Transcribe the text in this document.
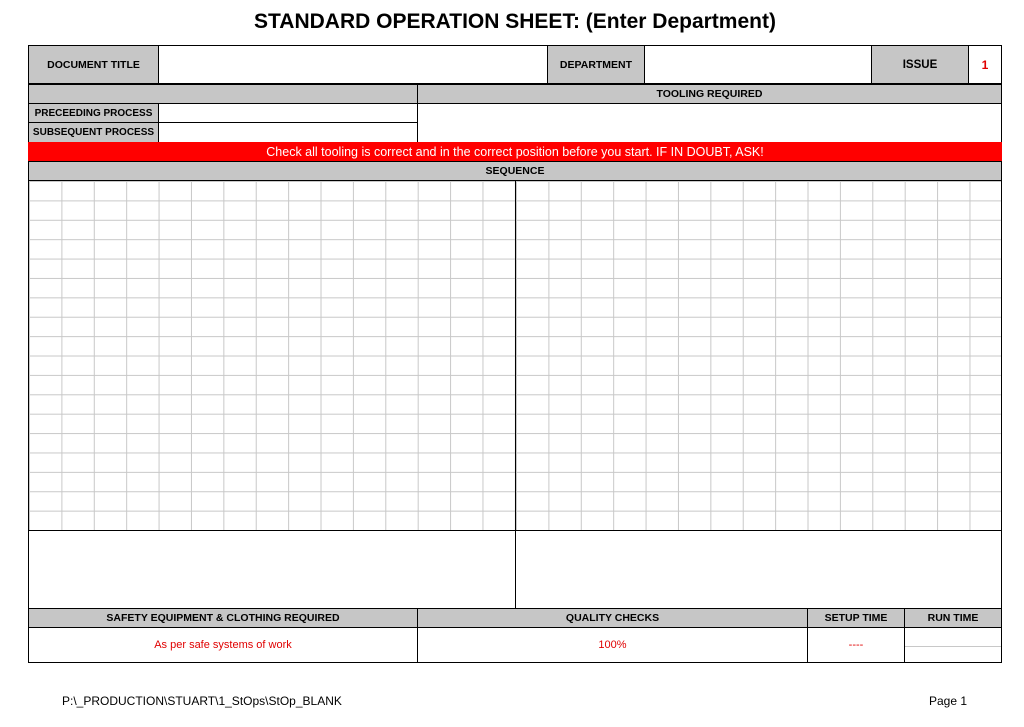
STANDARD OPERATION SHEET: (Enter Department)
DOCUMENT TITLE	DEPARTMENT	ISSUE	1
TOOLING REQUIRED
PRECEEDING PROCESS
SUBSEQUENT PROCESS
Check all tooling is correct and in the correct position before you start. IF IN DOUBT, ASK!
SEQUENCE
SAFETY EQUIPMENT & CLOTHING REQUIRED	QUALITY CHECKS	SETUP TIME	RUN TIME
As per safe systems of work	100%	----
P:\_PRODUCTION\STUART\1_StOps\StOp_BLANK	Page 1
